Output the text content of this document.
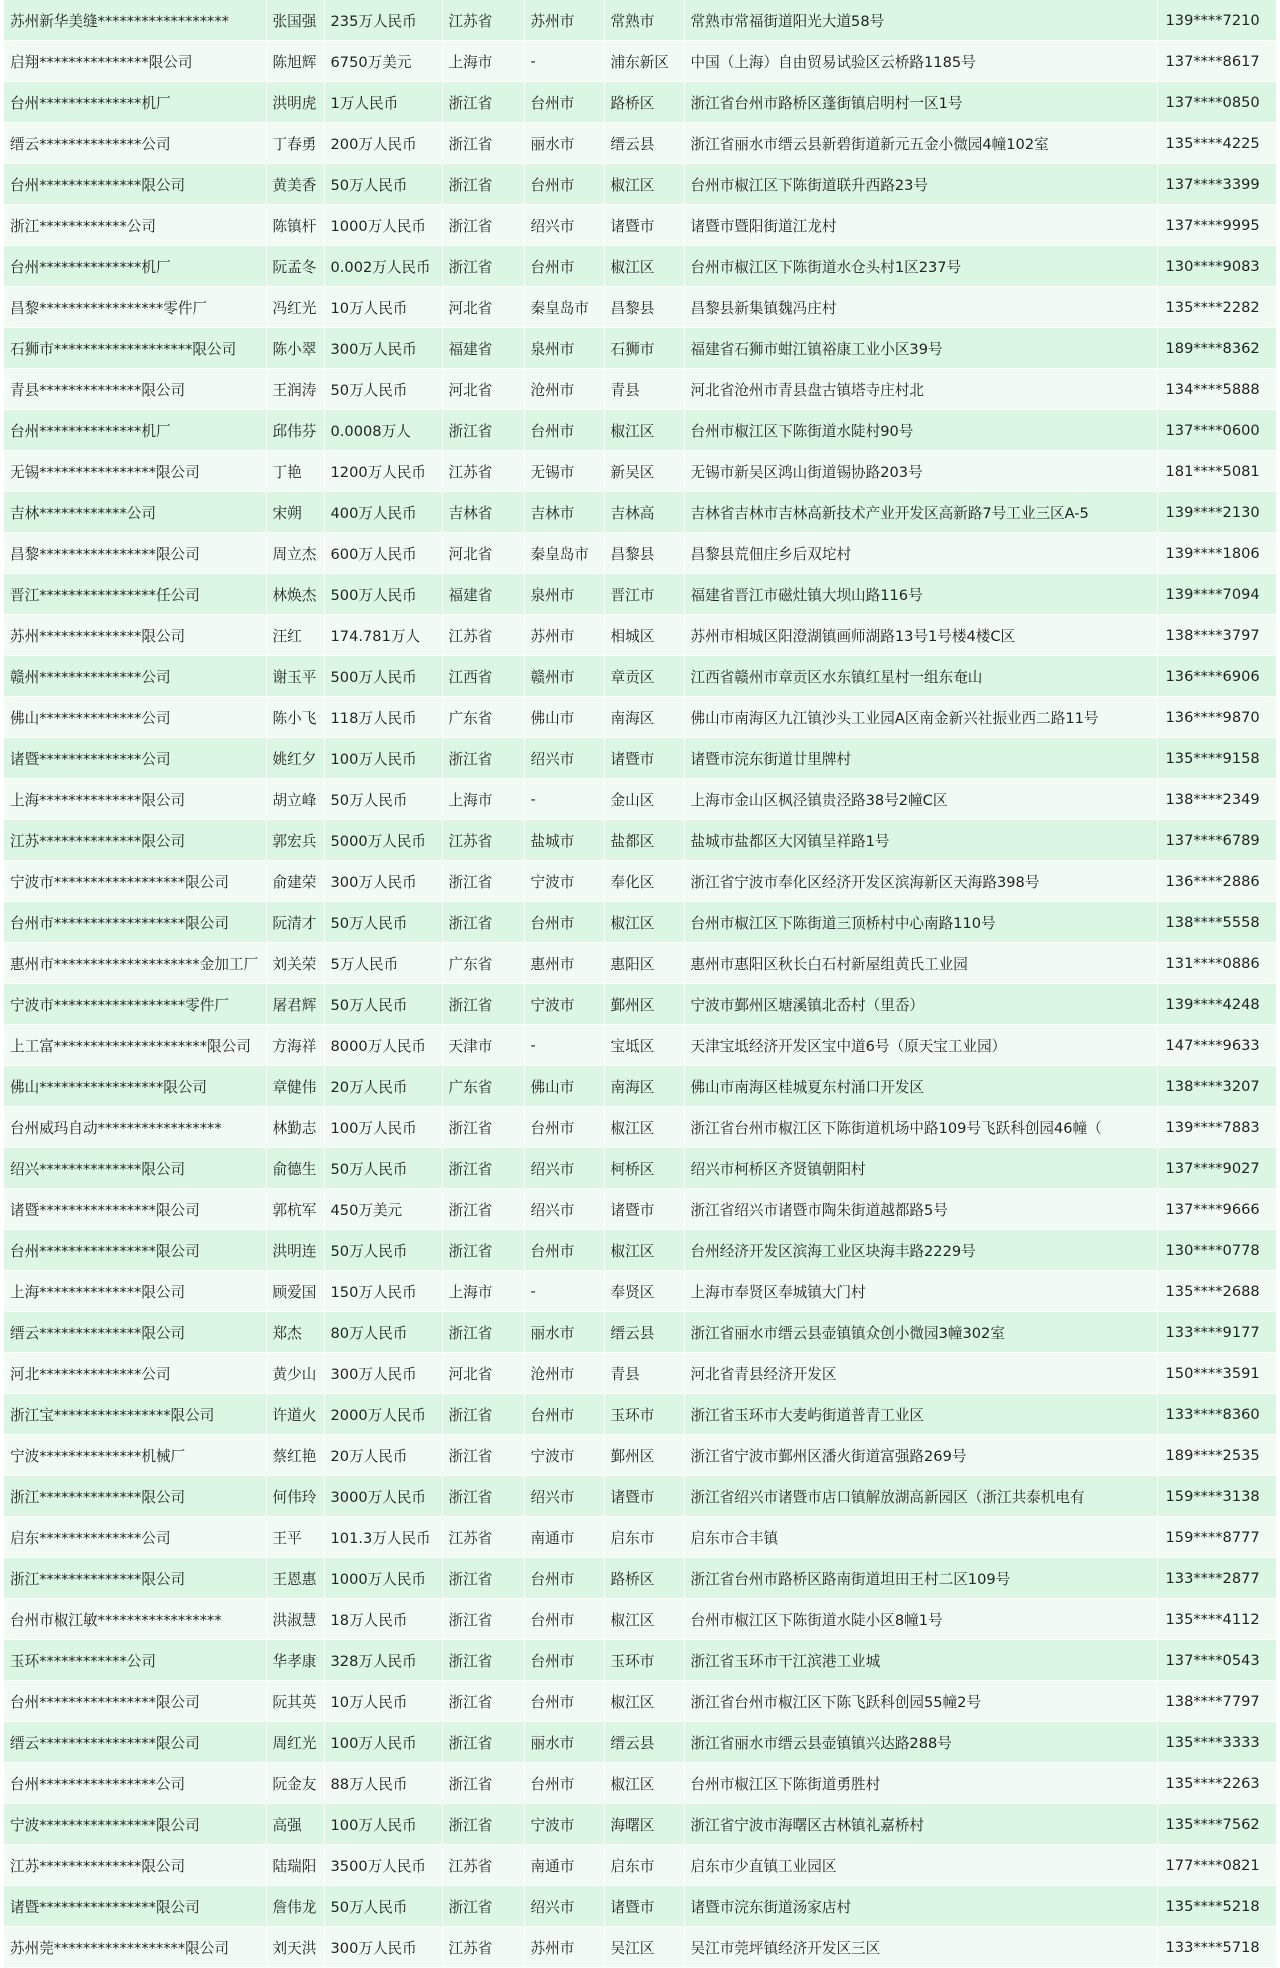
苏州新华美缝******************	张国强	235万人民币	江苏省	苏州市	常熟市	常熟市常福街道阳光大道58号	139****7210
启翔***************限公司	陈旭辉	6750万美元	上海市	-	浦东新区	中国（上海）自由贸易试验区云桥路1185号	137****8617
台州**************机厂	洪明虎	1万人民币	浙江省	台州市	路桥区	浙江省台州市路桥区蓬街镇启明村一区1号	137****0850
缙云**************公司	丁春勇	200万人民币	浙江省	丽水市	缙云县	浙江省丽水市缙云县新碧街道新元五金小微园4幢102室	135****4225
台州**************限公司	黄美香	50万人民币	浙江省	台州市	椒江区	台州市椒江区下陈街道联升西路23号	137****3399
浙江************公司	陈镇杆	1000万人民币	浙江省	绍兴市	诸暨市	诸暨市暨阳街道江龙村	137****9995
台州**************机厂	阮孟冬	0.002万人民币	浙江省	台州市	椒江区	台州市椒江区下陈街道水仓头村1区237号	130****9083
昌黎*****************零件厂	冯红光	10万人民币	河北省	秦皇岛市	昌黎县	昌黎县新集镇魏冯庄村	135****2282
石狮市*******************限公司	陈小翠	300万人民币	福建省	泉州市	石狮市	福建省石狮市蚶江镇裕康工业小区39号	189****8362
青县**************限公司	王润涛	50万人民币	河北省	沧州市	青县	河北省沧州市青县盘古镇塔寺庄村北	134****5888
台州**************机厂	邱伟芬	0.0008万人	浙江省	台州市	椒江区	台州市椒江区下陈街道水陡村90号	137****0600
无锡****************限公司	丁艳	1200万人民币	江苏省	无锡市	新吴区	无锡市新吴区鸿山街道锡协路203号	181****5081
吉林************公司	宋朔	400万人民币	吉林省	吉林市	吉林高	吉林省吉林市吉林高新技术产业开发区高新路7号工业三区A-5	139****2130
昌黎****************限公司	周立杰	600万人民币	河北省	秦皇岛市	昌黎县	昌黎县荒佃庄乡后双坨村	139****1806
晋江****************任公司	林焕杰	500万人民币	福建省	泉州市	晋江市	福建省晋江市磁灶镇大坝山路116号	139****7094
苏州**************限公司	汪红	174.781万人	江苏省	苏州市	相城区	苏州市相城区阳澄湖镇画师湖路13号1号楼4楼C区	138****3797
赣州**************公司	谢玉平	500万人民币	江西省	赣州市	章贡区	江西省赣州市章贡区水东镇红星村一组东奄山	136****6906
佛山**************公司	陈小飞	118万人民币	广东省	佛山市	南海区	佛山市南海区九江镇沙头工业园A区南金新兴社振业西二路11号	136****9870
诸暨**************公司	姚红夕	100万人民币	浙江省	绍兴市	诸暨市	诸暨市浣东街道廿里牌村	135****9158
上海**************限公司	胡立峰	50万人民币	上海市	-	金山区	上海市金山区枫泾镇贵泾路38号2幢C区	138****2349
江苏**************限公司	郭宏兵	5000万人民币	江苏省	盐城市	盐都区	盐城市盐都区大冈镇呈祥路1号	137****6789
宁波市******************限公司	俞建荣	300万人民币	浙江省	宁波市	奉化区	浙江省宁波市奉化区经济开发区滨海新区天海路398号	136****2886
台州市******************限公司	阮清才	50万人民币	浙江省	台州市	椒江区	台州市椒江区下陈街道三顶桥村中心南路110号	138****5558
惠州市********************金加工厂	刘关荣	5万人民币	广东省	惠州市	惠阳区	惠州市惠阳区秋长白石村新屋组黄氏工业园	131****0886
宁波市******************零件厂	屠君辉	50万人民币	浙江省	宁波市	鄞州区	宁波市鄞州区塘溪镇北岙村（里岙）	139****4248
上工富*********************限公司	方海祥	8000万人民币	天津市	-	宝坻区	天津宝坻经济开发区宝中道6号（原天宝工业园）	147****9633
佛山*****************限公司	章健伟	20万人民币	广东省	佛山市	南海区	佛山市南海区桂城夏东村涌口开发区	138****3207
台州威玛自动*****************	林勤志	100万人民币	浙江省	台州市	椒江区	浙江省台州市椒江区下陈街道机场中路109号飞跃科创园46幢（	139****7883
绍兴**************限公司	俞德生	50万人民币	浙江省	绍兴市	柯桥区	绍兴市柯桥区齐贤镇朝阳村	137****9027
诸暨****************限公司	郭杭军	450万美元	浙江省	绍兴市	诸暨市	浙江省绍兴市诸暨市陶朱街道越都路5号	137****9666
台州****************限公司	洪明连	50万人民币	浙江省	台州市	椒江区	台州经济开发区滨海工业区块海丰路2229号	130****0778
上海**************限公司	顾爱国	150万人民币	上海市	-	奉贤区	上海市奉贤区奉城镇大门村	135****2688
缙云**************限公司	郑杰	80万人民币	浙江省	丽水市	缙云县	浙江省丽水市缙云县壶镇镇众创小微园3幢302室	133****9177
河北**************公司	黄少山	300万人民币	河北省	沧州市	青县	河北省青县经济开发区	150****3591
浙江宝****************限公司	许道火	2000万人民币	浙江省	台州市	玉环市	浙江省玉环市大麦屿街道普青工业区	133****8360
宁波**************机械厂	蔡红艳	20万人民币	浙江省	宁波市	鄞州区	浙江省宁波市鄞州区潘火街道富强路269号	189****2535
浙江**************限公司	何伟玲	3000万人民币	浙江省	绍兴市	诸暨市	浙江省绍兴市诸暨市店口镇解放湖高新园区（浙江共泰机电有	159****3138
启东**************公司	王平	101.3万人民币	江苏省	南通市	启东市	启东市合丰镇	159****8777
浙江**************限公司	王恩惠	1000万人民币	浙江省	台州市	路桥区	浙江省台州市路桥区路南街道坦田王村二区109号	133****2877
台州市椒江敏*****************	洪淑慧	18万人民币	浙江省	台州市	椒江区	台州市椒江区下陈街道水陡小区8幢1号	135****4112
玉环************公司	华孝康	328万人民币	浙江省	台州市	玉环市	浙江省玉环市干江滨港工业城	137****0543
台州****************限公司	阮其英	10万人民币	浙江省	台州市	椒江区	浙江省台州市椒江区下陈飞跃科创园55幢2号	138****7797
缙云****************限公司	周红光	100万人民币	浙江省	丽水市	缙云县	浙江省丽水市缙云县壶镇镇兴达路288号	135****3333
台州****************公司	阮金友	88万人民币	浙江省	台州市	椒江区	台州市椒江区下陈街道勇胜村	135****2263
宁波****************限公司	高强	100万人民币	浙江省	宁波市	海曙区	浙江省宁波市海曙区古林镇礼嘉桥村	135****7562
江苏**************限公司	陆瑞阳	3500万人民币	江苏省	南通市	启东市	启东市少直镇工业园区	177****0821
诸暨****************限公司	詹伟龙	50万人民币	浙江省	绍兴市	诸暨市	诸暨市浣东街道汤家店村	135****5218
苏州莞******************限公司	刘天洪	300万人民币	江苏省	苏州市	吴江区	吴江市莞坪镇经济开发区三区	133****5718
